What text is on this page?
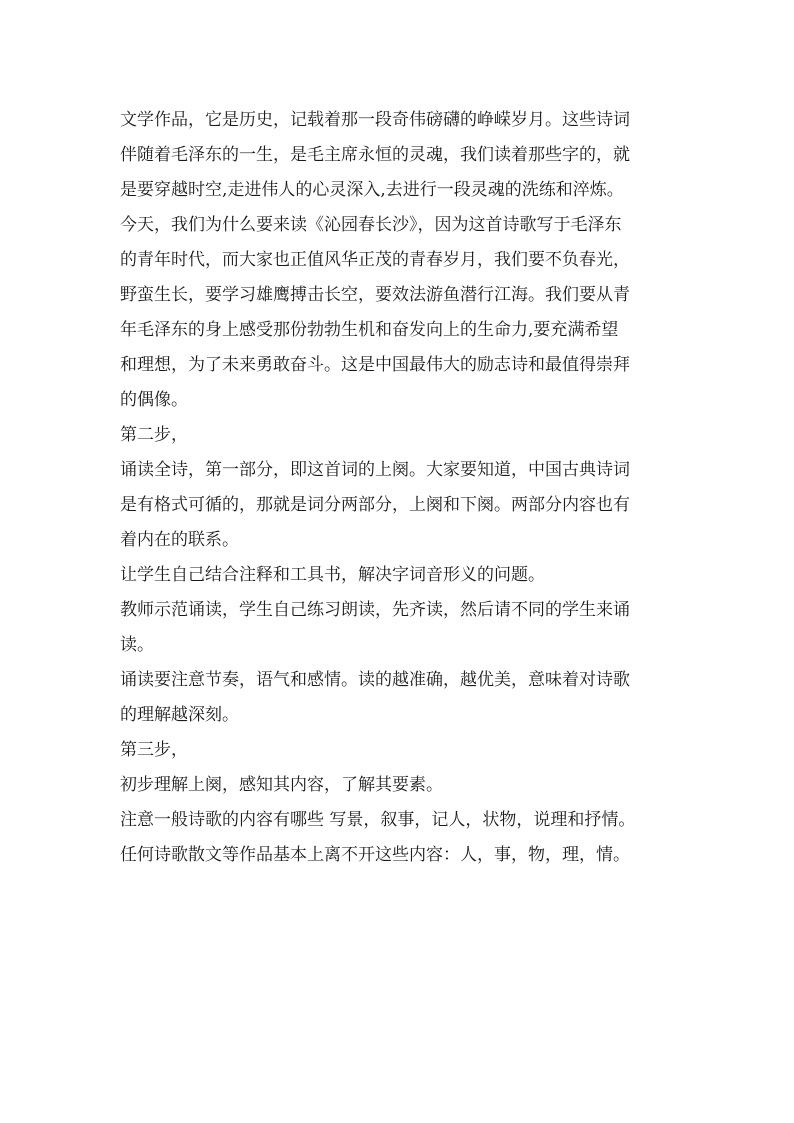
文学作品，它是历史，记载着那一段奇伟磅礴的峥嵘岁月。这些诗词
伴随着毛泽东的一生，是毛主席永恒的灵魂，我们读着那些字的，就
是要穿越时空,走进伟人的心灵深入,去进行一段灵魂的洗练和淬炼。
今天，我们为什么要来读《沁园春长沙》，因为这首诗歌写于毛泽东
的青年时代，而大家也正值风华正茂的青春岁月，我们要不负春光，
野蛮生长，要学习雄鹰搏击长空，要效法游鱼潜行江海。我们要从青
年毛泽东的身上感受那份勃勃生机和奋发向上的生命力,要充满希望
和理想，为了未来勇敢奋斗。这是中国最伟大的励志诗和最值得崇拜
的偶像。
第二步，
诵读全诗，第一部分，即这首词的上阕。大家要知道，中国古典诗词
是有格式可循的，那就是词分两部分，上阕和下阕。两部分内容也有
着内在的联系。
让学生自己结合注释和工具书，解决字词音形义的问题。
教师示范诵读，学生自己练习朗读，先齐读，然后请不同的学生来诵
读。
诵读要注意节奏，语气和感情。读的越准确，越优美，意味着对诗歌
的理解越深刻。
第三步，
初步理解上阕，感知其内容，了解其要素。
注意一般诗歌的内容有哪些 写景，叙事，记人，状物，说理和抒情。
任何诗歌散文等作品基本上离不开这些内容：人，事，物，理，情。
